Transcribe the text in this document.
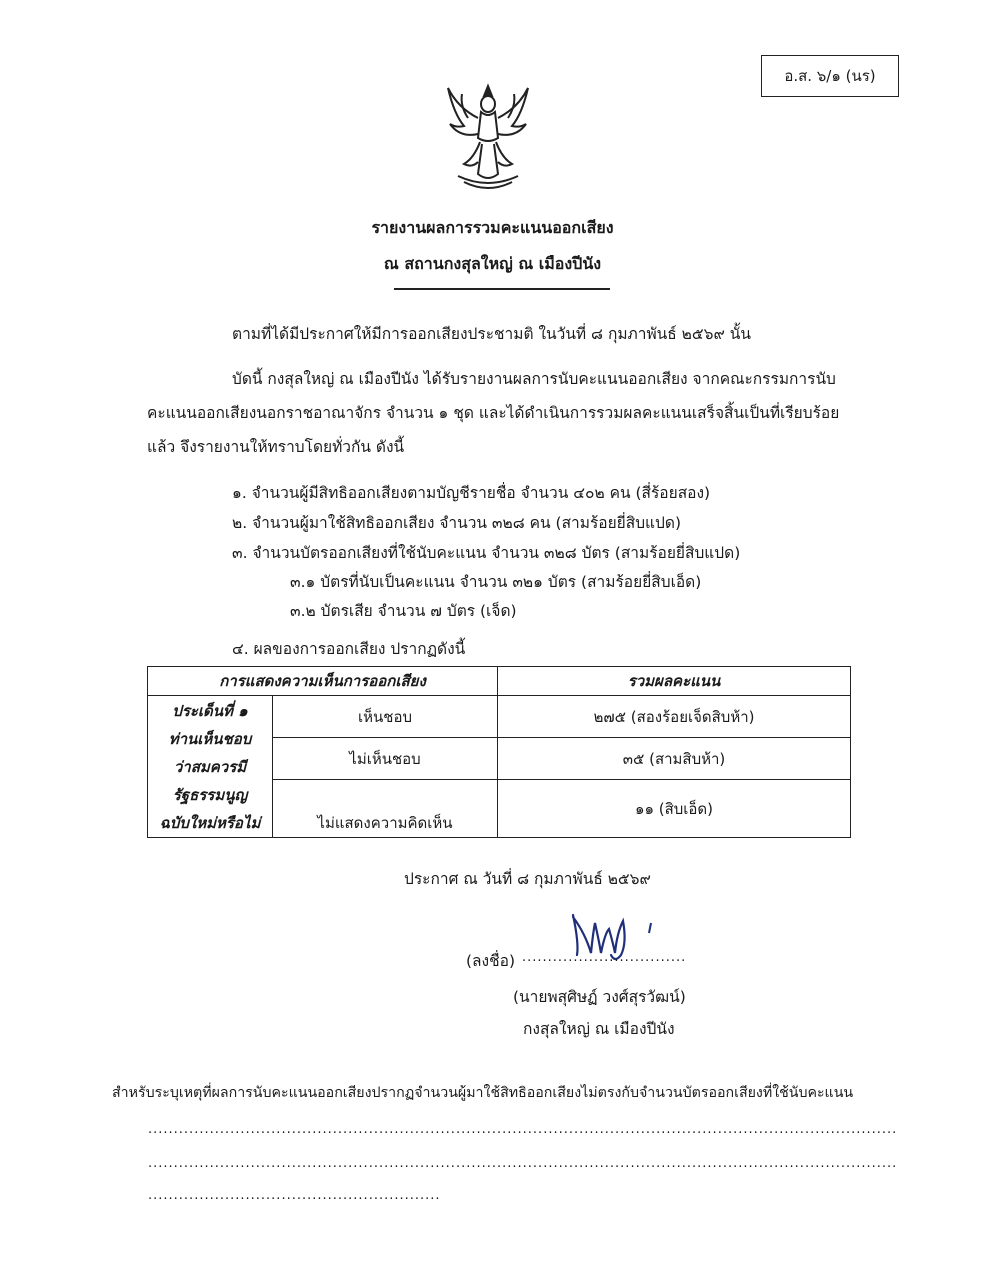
อ.ส. ๖/๑ (นร)
รายงานผลการรวมคะแนนออกเสียง
ณ สถานกงสุลใหญ่ ณ เมืองปีนัง
ตามที่ได้มีประกาศให้มีการออกเสียงประชามติ ในวันที่ ๘ กุมภาพันธ์ ๒๕๖๙ นั้น
บัดนี้ กงสุลใหญ่ ณ เมืองปีนัง ได้รับรายงานผลการนับคะแนนออกเสียง จากคณะกรรมการนับ
คะแนนออกเสียงนอกราชอาณาจักร จำนวน ๑ ชุด และได้ดำเนินการรวมผลคะแนนเสร็จสิ้นเป็นที่เรียบร้อย
แล้ว จึงรายงานให้ทราบโดยทั่วกัน ดังนี้
๑. จำนวนผู้มีสิทธิออกเสียงตามบัญชีรายชื่อ จำนวน ๔๐๒ คน (สี่ร้อยสอง)
๒. จำนวนผู้มาใช้สิทธิออกเสียง จำนวน ๓๒๘ คน (สามร้อยยี่สิบแปด)
๓. จำนวนบัตรออกเสียงที่ใช้นับคะแนน จำนวน ๓๒๘ บัตร (สามร้อยยี่สิบแปด)
๓.๑ บัตรที่นับเป็นคะแนน จำนวน ๓๒๑ บัตร (สามร้อยยี่สิบเอ็ด)
๓.๒ บัตรเสีย จำนวน ๗ บัตร (เจ็ด)
๔. ผลของการออกเสียง ปรากฏดังนี้
การแสดงความเห็นการออกเสียง		รวมผลคะแนน

ประเด็นที่ ๑
ท่านเห็นชอบ
ว่าสมควรมี
รัฐธรรมนูญ
ฉบับใหม่หรือไม่	เห็นชอบ	๒๗๕ (สองร้อยเจ็ดสิบห้า)
	ไม่เห็นชอบ	๓๕ (สามสิบห้า)
	ไม่แสดงความคิดเห็น	๑๑ (สิบเอ็ด)
ประกาศ ณ วันที่ ๘ กุมภาพันธ์ ๒๕๖๙
(ลงชื่อ) ................................
(นายพสุศิษฏ์ วงศ์สุรวัฒน์)
กงสุลใหญ่ ณ เมืองปีนัง
สำหรับระบุเหตุที่ผลการนับคะแนนออกเสียงปรากฏจำนวนผู้มาใช้สิทธิออกเสียงไม่ตรงกับจำนวนบัตรออกเสียงที่ใช้นับคะแนน
..................................................................................................................................................
..................................................................................................................................................
.........................................................
